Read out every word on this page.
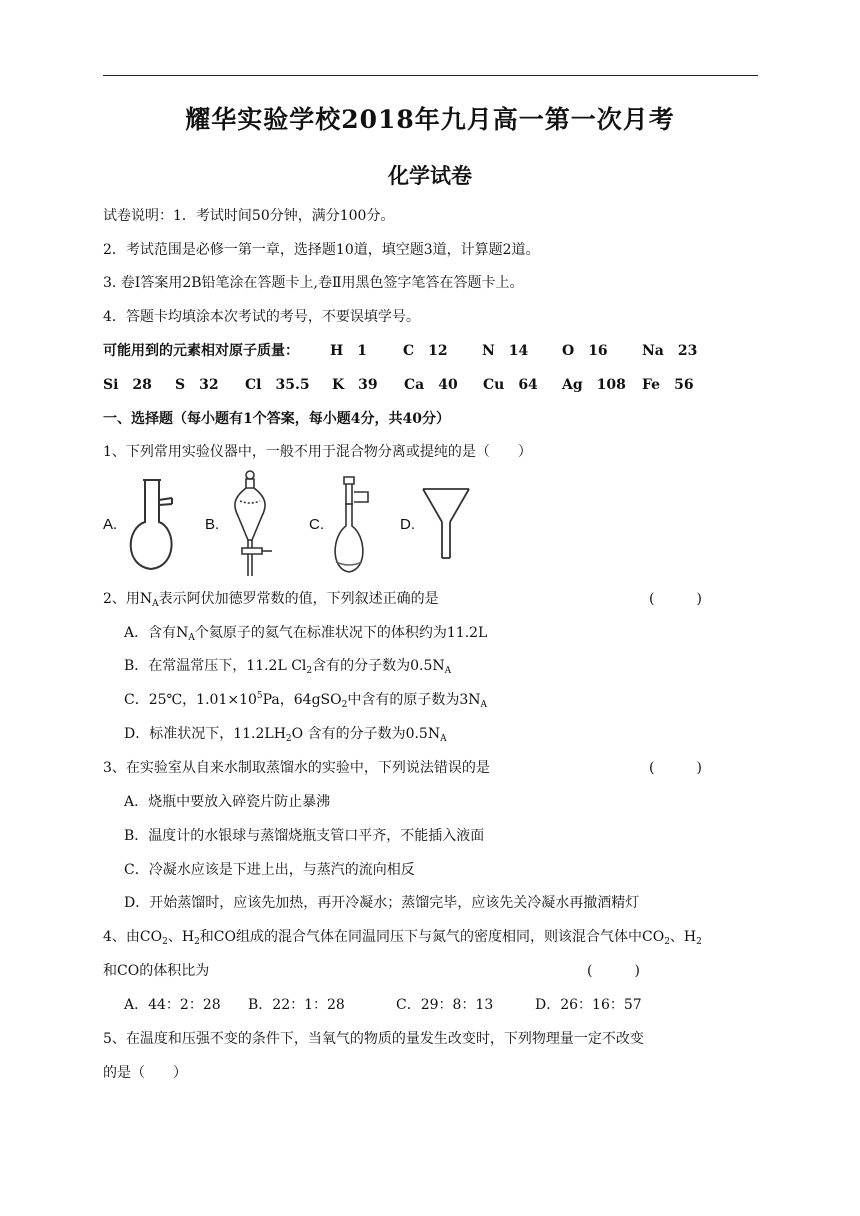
耀华实验学校2018年九月高一第一次月考
化学试卷
试卷说明：1．考试时间50分钟，满分100分。
2．考试范围是必修一第一章，选择题10道，填空题3道，计算题2道。
3. 卷Ⅰ答案用2B铅笔涂在答题卡上,卷Ⅱ用黑色签字笔答在答题卡上。
4．答题卡均填涂本次考试的考号，不要误填学号。
可能用到的元素相对原子质量： H　1	C　12 N　14 O　16 Na　23
Si　28 S　32 Cl　35.5 K　39 Ca　40 Cu　64 Ag　108 Fe　56
一、选择题（每小题有1个答案，每小题4分，共40分）
1、下列常用实验仪器中，一般不用于混合物分离或提纯的是（　　）
A.	B.	C.	D.
2、用$N_A$表示阿伏加德罗常数的值，下列叙述正确的是	(　　　)
A．含有$N_A$个氦原子的氦气在标准状况下的体积约为11.2L
B．在常温常压下，11.2L $Cl_2$含有的分子数为$0.5N_A$
C．25℃，$1.01\times 10^5Pa$，64gSO$_2$中含有的原子数为$3N_A$
D．标准状况下，$11.2LH_2O$ 含有的分子数为$0.5N_A$
3、在实验室从自来水制取蒸馏水的实验中，下列说法错误的是	(　　　)
A．烧瓶中要放入碎瓷片防止暴沸
B．温度计的水银球与蒸馏烧瓶支管口平齐，不能插入液面
C．冷凝水应该是下进上出，与蒸汽的流向相反
D．开始蒸馏时，应该先加热，再开冷凝水；蒸馏完毕，应该先关冷凝水再撤酒精灯
4、由$CO_2$、$H_2$和CO组成的混合气体在同温同压下与氮气的密度相同，则该混合气体中$CO_2$、$H_2$
和CO的体积比为	(　　　)
A．44：2：28 B．22：1：28	C．29：8：13	D．26：16：57
5、在温度和压强不变的条件下，当氧气的物质的量发生改变时，下列物理量一定不改变
的是（　　）
